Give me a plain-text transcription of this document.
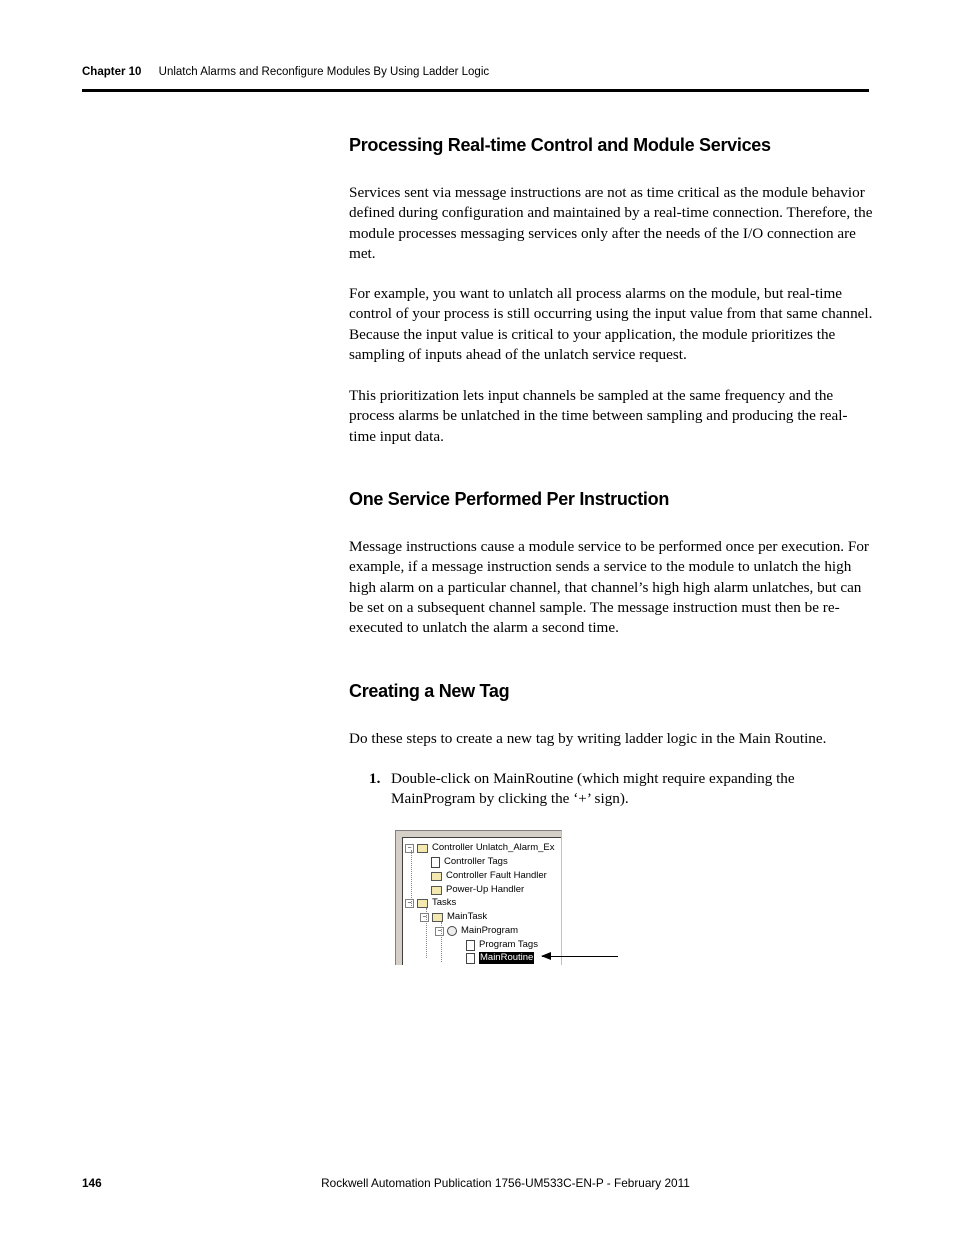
Chapter 10 Unlatch Alarms and Reconfigure Modules By Using Ladder Logic
Processing Real-time Control and Module Services

Services sent via message instructions are not as time critical as the module behavior defined during configuration and maintained by a real-time connection. Therefore, the module processes messaging services only after the needs of the I/O connection are met.

For example, you want to unlatch all process alarms on the module, but real-time control of your process is still occurring using the input value from that same channel. Because the input value is critical to your application, the module prioritizes the sampling of inputs ahead of the unlatch service request.

This prioritization lets input channels be sampled at the same frequency and the process alarms be unlatched in the time between sampling and producing the real-time input data.

One Service Performed Per Instruction

Message instructions cause a module service to be performed once per execution. For example, if a message instruction sends a service to the module to unlatch the high high alarm on a particular channel, that channel’s high high alarm unlatches, but can be set on a subsequent channel sample. The message instruction must then be re-executed to unlatch the alarm a second time.

Creating a New Tag

Do these steps to create a new tag by writing ladder logic in the Main Routine.

1. Double-click on MainRoutine (which might require expanding the MainProgram by clicking the ‘+’ sign).
− Controller Unlatch_Alarm_Ex
Controller Tags
Controller Fault Handler
Power-Up Handler
− Tasks
− MainTask
− MainProgram
Program Tags
MainRoutine
146	Rockwell Automation Publication 1756-UM533C-EN-P - February 2011
